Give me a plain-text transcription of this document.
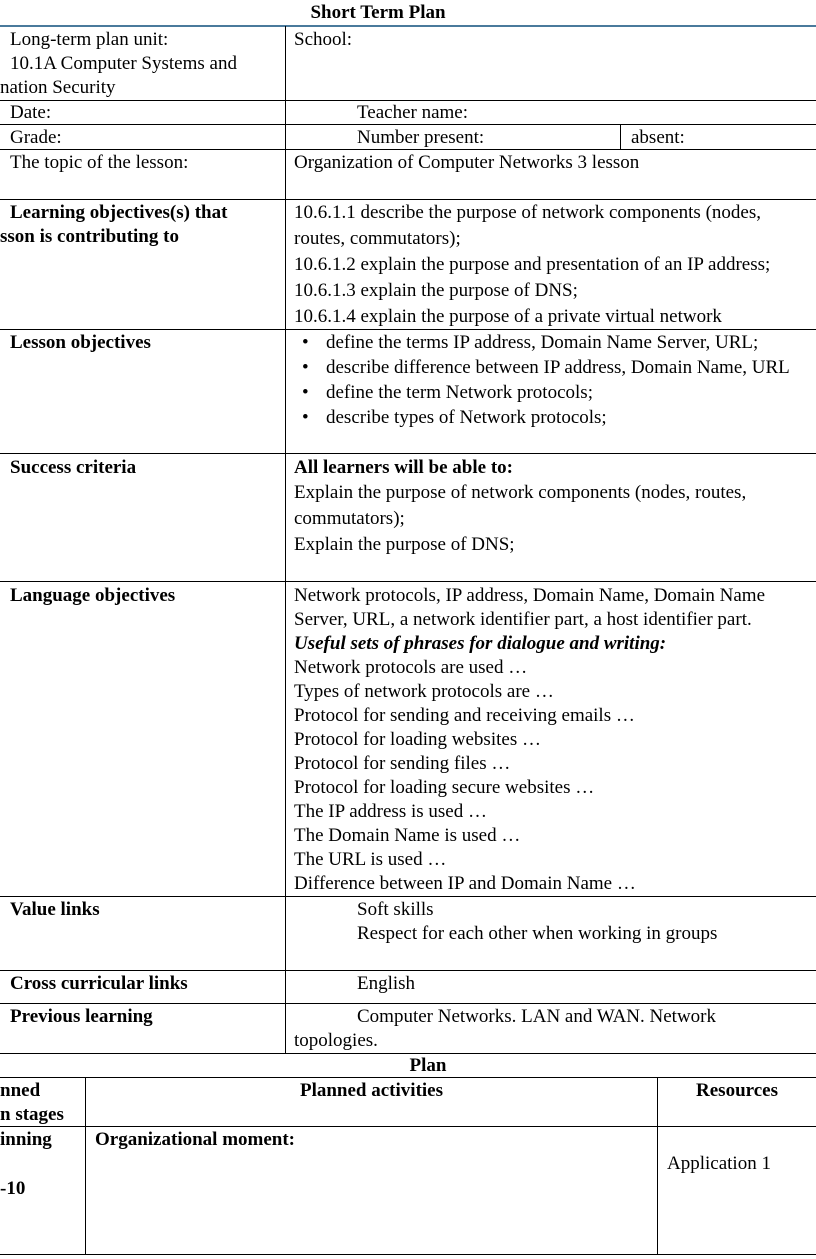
Short Term Plan
Long-term plan unit:
10.1A Computer Systems and
nation Security
School:
Date:	Teacher name:
Grade:	Number present:	absent:
The topic of the lesson:	Organization of Computer Networks 3 lesson
Learning objectives(s) that
sson is contributing to
10.6.1.1 describe the purpose of network components (nodes,
routes, commutators);
10.6.1.2 explain the purpose and presentation of an IP address;
10.6.1.3 explain the purpose of DNS;
10.6.1.4 explain the purpose of a private virtual network
Lesson objectives
•	define the terms IP address, Domain Name Server, URL;
• describe difference between IP address, Domain Name, URL
• define the term Network protocols;
• describe types of Network protocols;
Success criteria	All learners will be able to:
Explain the purpose of network components (nodes, routes,
commutators);
Explain the purpose of DNS;
Language objectives	Network protocols, IP address, Domain Name, Domain Name
Server, URL, a network identifier part, a host identifier part.
Useful sets of phrases for dialogue and writing:
Network protocols are used …
Types of network protocols are …
Protocol for sending and receiving emails …
Protocol for loading websites …
Protocol for sending files …
Protocol for loading secure websites …
The IP address is used …
The Domain Name is used …
The URL is used …
Difference between IP and Domain Name …
Value links	Soft skills
Respect for each other when working in groups
Cross curricular links	English
Previous learning	Computer Networks. LAN and WAN. Network
topologies.
Plan
nned
n stages
Planned activities	Resources
inning
-10
Organizational moment:
Application 1
